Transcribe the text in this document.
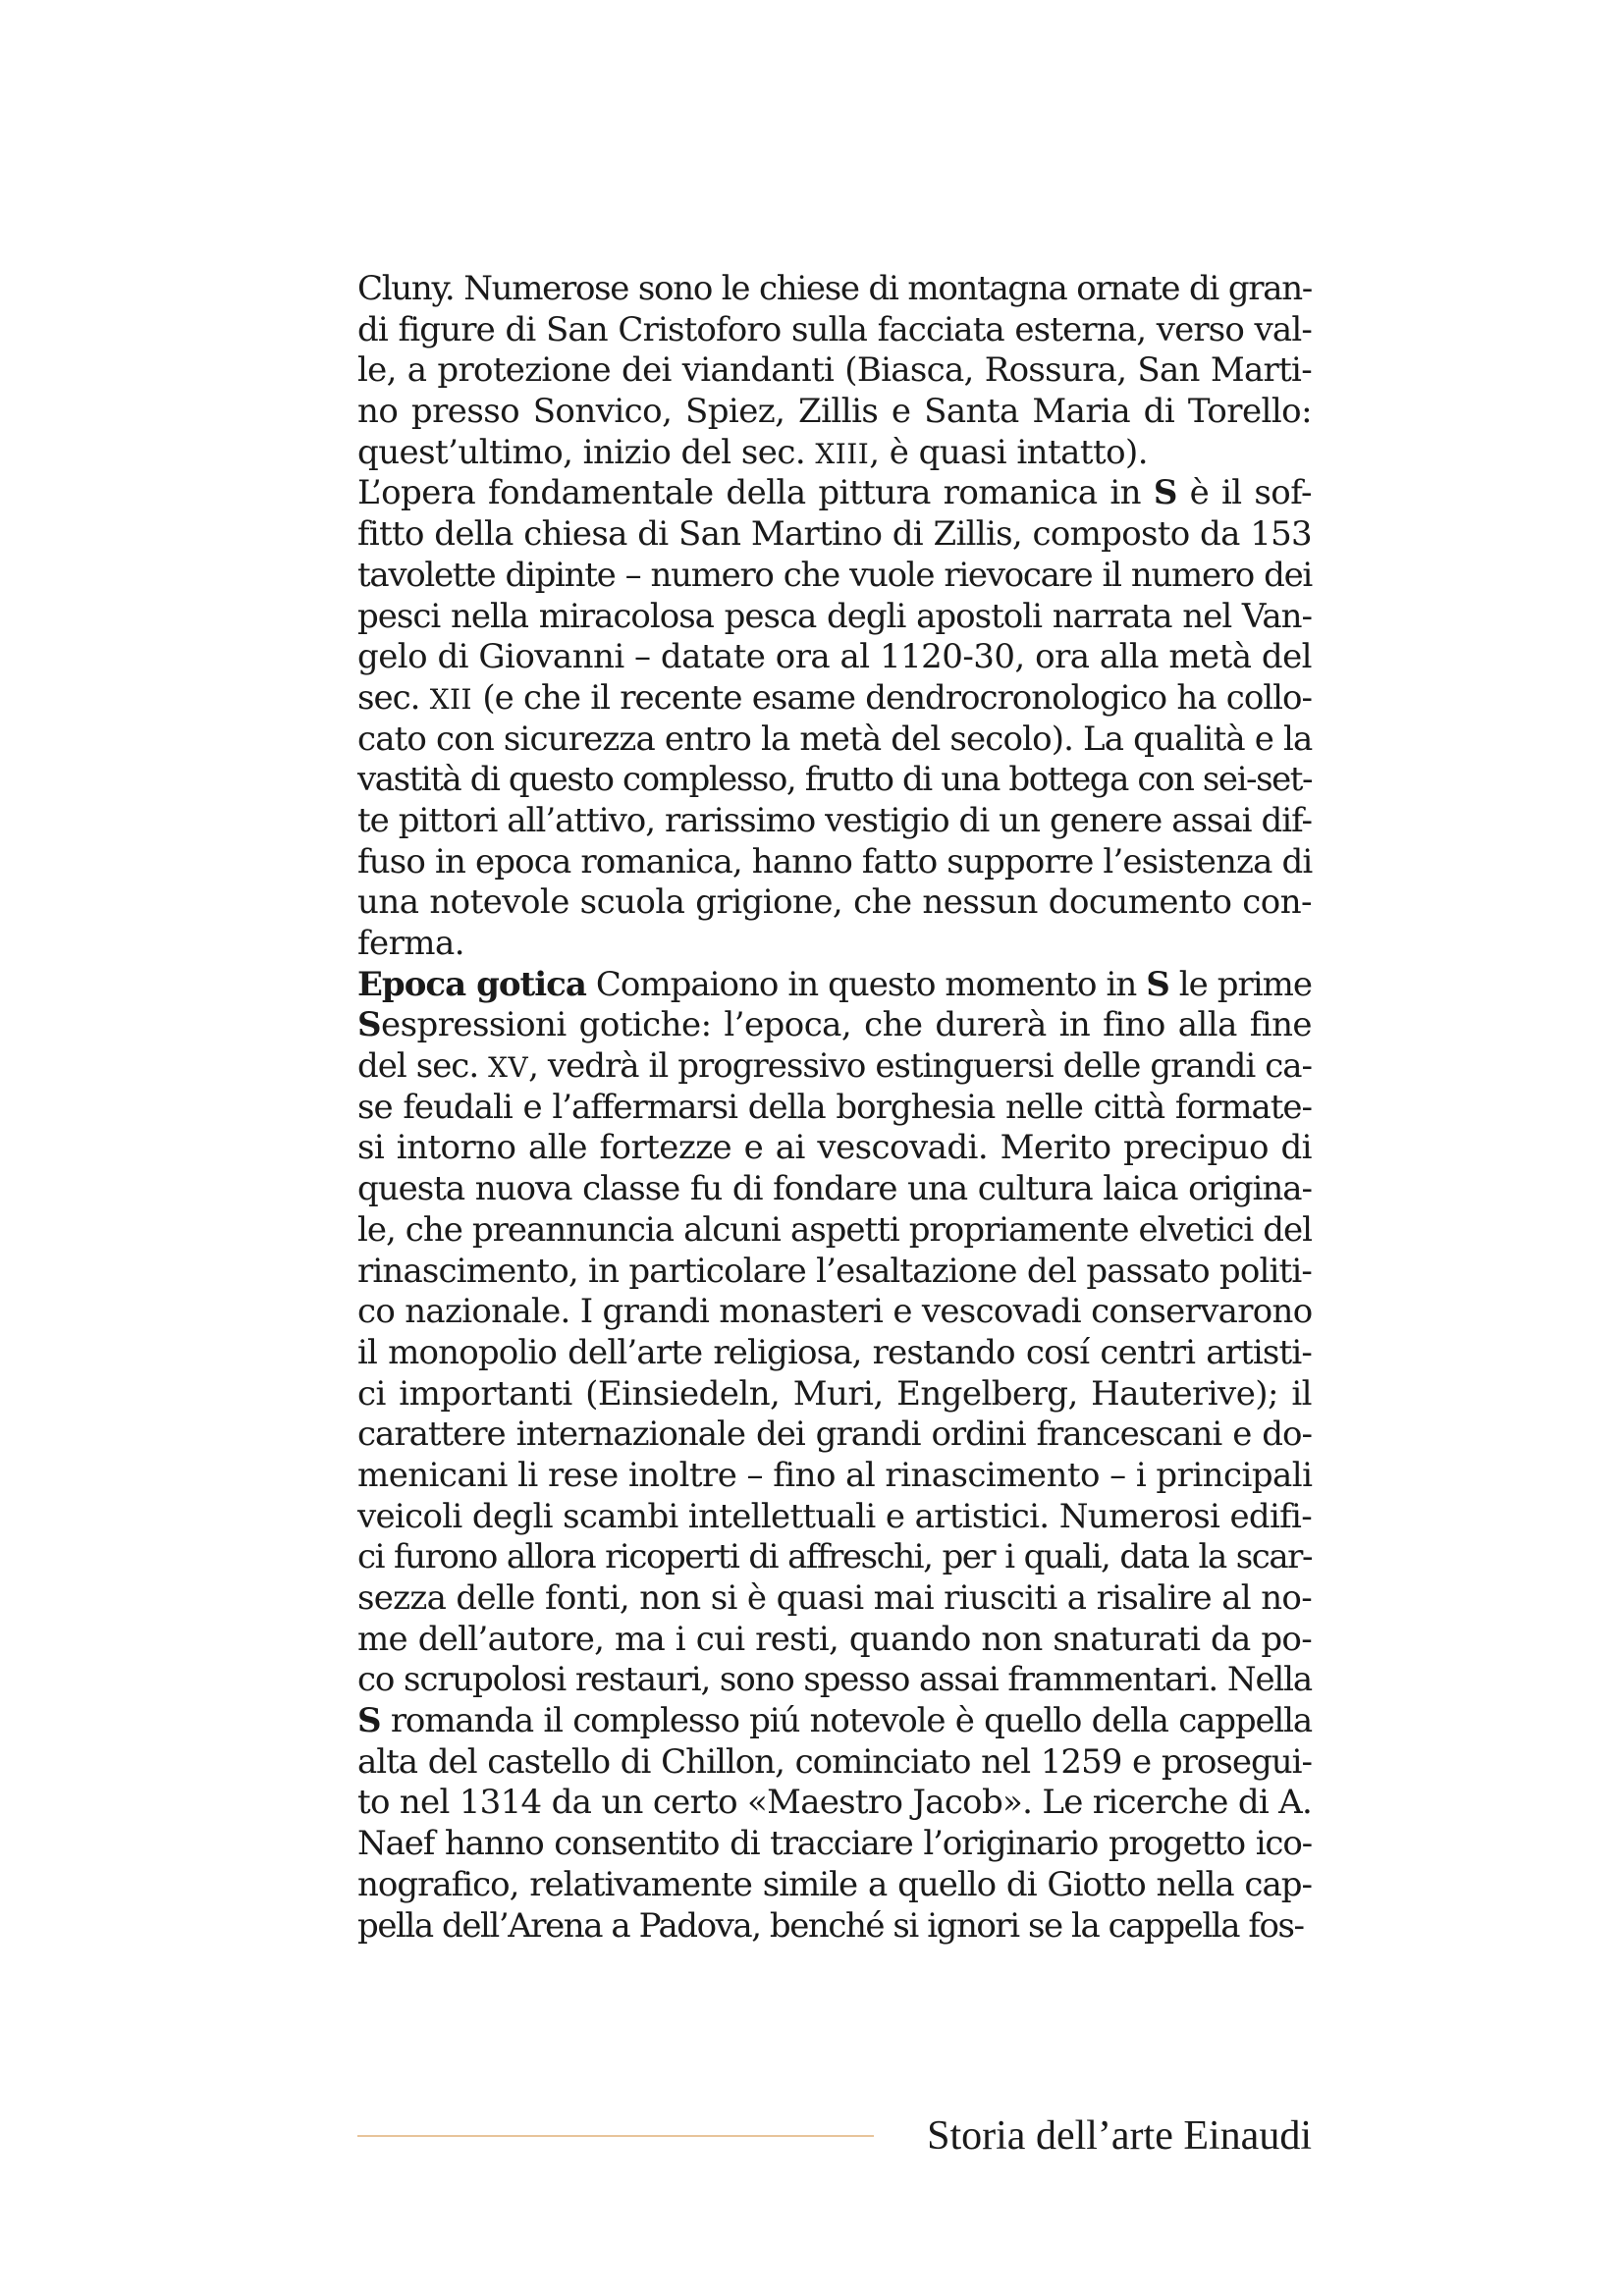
Cluny. Numerose sono le chiese di montagna ornate di gran-
di figure di San Cristoforo sulla facciata esterna, verso val-
le, a protezione dei viandanti (Biasca, Rossura, San Marti-
no presso Sonvico, Spiez, Zillis e Santa Maria di Torello:
quest’ultimo, inizio del sec. XIII, è quasi intatto).
L’opera fondamentale della pittura romanica in S è il sof-
fitto della chiesa di San Martino di Zillis, composto da 153
tavolette dipinte – numero che vuole rievocare il numero dei
pesci nella miracolosa pesca degli apostoli narrata nel Van-
gelo di Giovanni – datate ora al 1120-30, ora alla metà del
sec. XII (e che il recente esame dendrocronologico ha collo-
cato con sicurezza entro la metà del secolo). La qualità e la
vastità di questo complesso, frutto di una bottega con sei-set-
te pittori all’attivo, rarissimo vestigio di un genere assai dif-
fuso in epoca romanica, hanno fatto supporre l’esistenza di
una notevole scuola grigione, che nessun documento con-
ferma.
Epoca gotica Compaiono in questo momento in S le prime
Sespressioni gotiche: l’epoca, che durerà in fino alla fine
del sec. XV, vedrà il progressivo estinguersi delle grandi ca-
se feudali e l’affermarsi della borghesia nelle città formate-
si intorno alle fortezze e ai vescovadi. Merito precipuo di
questa nuova classe fu di fondare una cultura laica origina-
le, che preannuncia alcuni aspetti propriamente elvetici del
rinascimento, in particolare l’esaltazione del passato politi-
co nazionale. I grandi monasteri e vescovadi conservarono
il monopolio dell’arte religiosa, restando cosí centri artisti-
ci importanti (Einsiedeln, Muri, Engelberg, Hauterive); il
carattere internazionale dei grandi ordini francescani e do-
menicani li rese inoltre – fino al rinascimento – i principali
veicoli degli scambi intellettuali e artistici. Numerosi edifi-
ci furono allora ricoperti di affreschi, per i quali, data la scar-
sezza delle fonti, non si è quasi mai riusciti a risalire al no-
me dell’autore, ma i cui resti, quando non snaturati da po-
co scrupolosi restauri, sono spesso assai frammentari. Nella
S romanda il complesso piú notevole è quello della cappella
alta del castello di Chillon, cominciato nel 1259 e prosegui-
to nel 1314 da un certo «Maestro Jacob». Le ricerche di A.
Naef hanno consentito di tracciare l’originario progetto ico-
nografico, relativamente simile a quello di Giotto nella cap-
pella dell’Arena a Padova, benché si ignori se la cappella fos-
Storia dell’arte Einaudi
